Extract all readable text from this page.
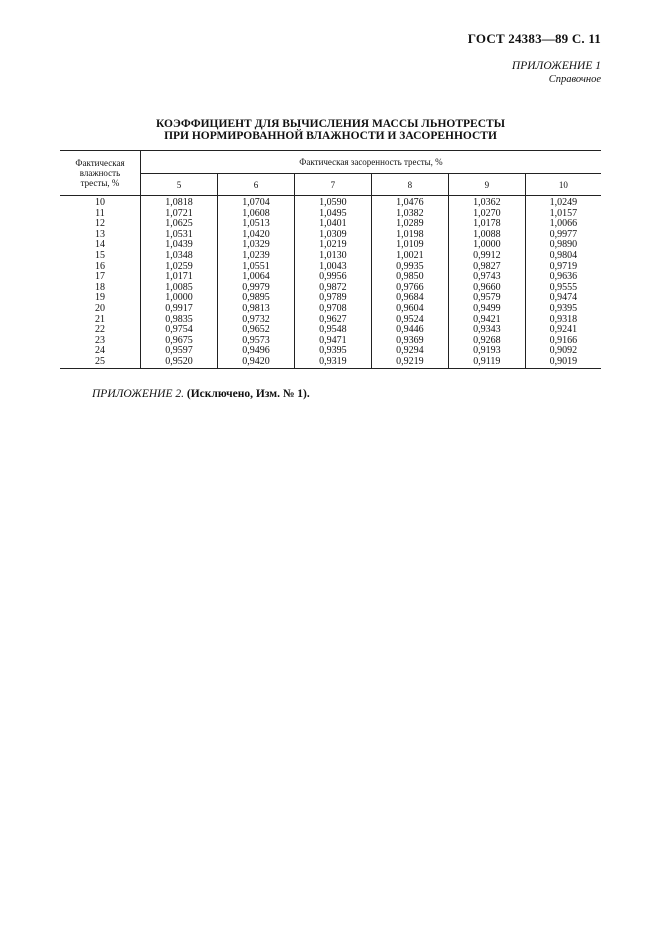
ГОСТ 24383—89 С. 11
ПРИЛОЖЕНИЕ 1
Справочное
КОЭФФИЦИЕНТ ДЛЯ ВЫЧИСЛЕНИЯ МАССЫ ЛЬНОТРЕСТЫ
ПРИ НОРМИРОВАННОЙ ВЛАЖНОСТИ И ЗАСОРЕННОСТИ
Фактическая
влажность
тресты, %	Фактическая засоренность тресты, %					
	5	6	7	8	9	10
10	1,0818	1,0704	1,0590	1,0476	1,0362	1,0249
11	1,0721	1,0608	1,0495	1,0382	1,0270	1,0157
12	1,0625	1,0513	1,0401	1,0289	1,0178	1,0066
13	1,0531	1,0420	1,0309	1,0198	1,0088	0,9977
14	1,0439	1,0329	1,0219	1,0109	1,0000	0,9890
15	1,0348	1,0239	1,0130	1,0021	0,9912	0,9804
16	1,0259	1,0551	1,0043	0,9935	0,9827	0,9719
17	1,0171	1,0064	0,9956	0,9850	0,9743	0,9636
18	1,0085	0,9979	0,9872	0,9766	0,9660	0,9555
19	1,0000	0,9895	0,9789	0,9684	0,9579	0,9474
20	0,9917	0,9813	0,9708	0,9604	0,9499	0,9395
21	0,9835	0,9732	0,9627	0,9524	0,9421	0,9318
22	0,9754	0,9652	0,9548	0,9446	0,9343	0,9241
23	0,9675	0,9573	0,9471	0,9369	0,9268	0,9166
24	0,9597	0,9496	0,9395	0,9294	0,9193	0,9092
25	0,9520	0,9420	0,9319	0,9219	0,9119	0,9019
ПРИЛОЖЕНИЕ 2. (Исключено, Изм. № 1).
